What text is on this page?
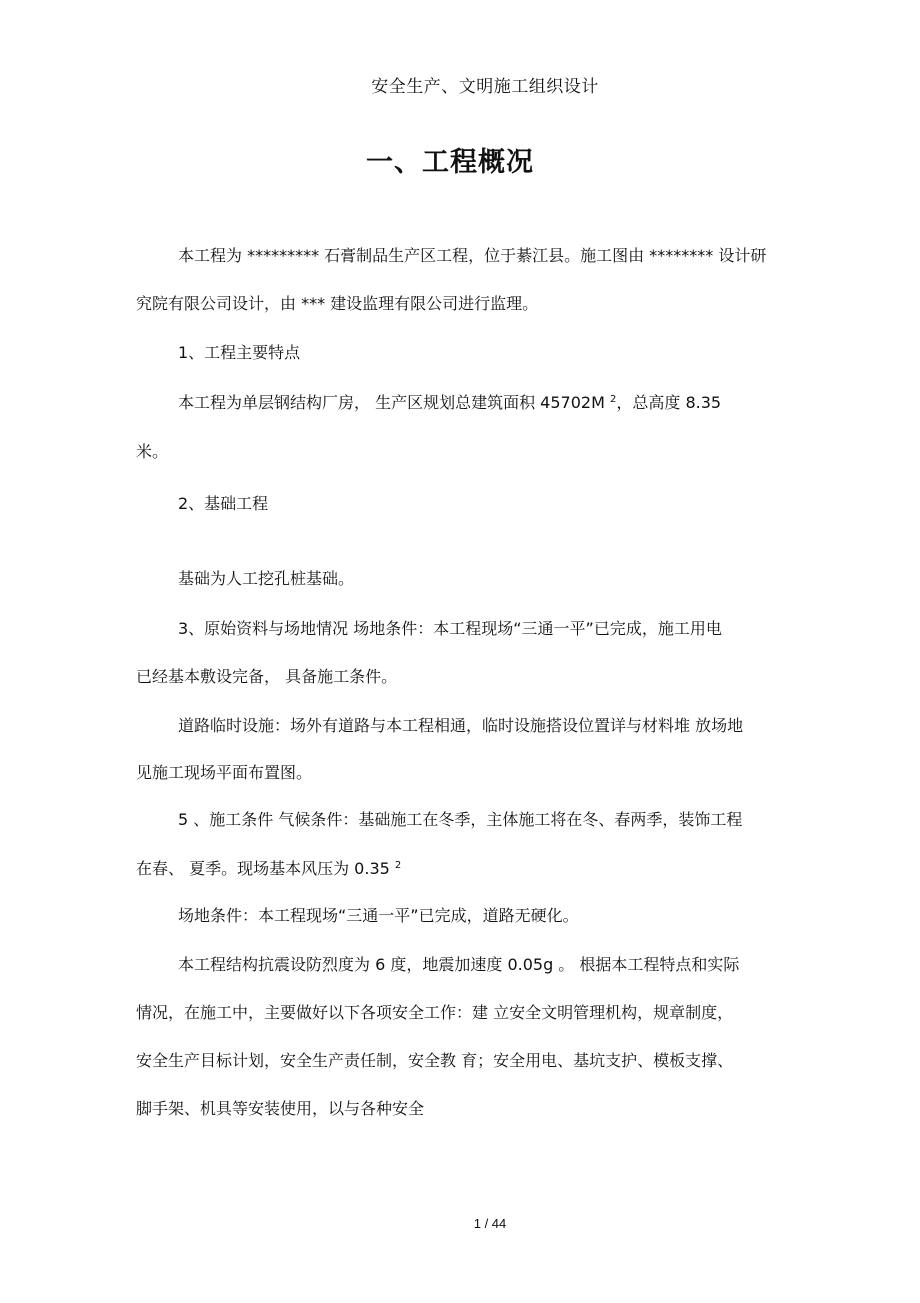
安全生产、文明施工组织设计
一、工程概况
本工程为 ********* 石膏制品生产区工程，位于綦江县。施工图由 ******** 设计研
究院有限公司设计，由 *** 建设监理有限公司进行监理。
1、工程主要特点
本工程为单层钢结构厂房， 生产区规划总建筑面积 45702M $^2$，总高度 8.35
米。
2、基础工程
基础为人工挖孔桩基础。
3、原始资料与场地情况 场地条件：本工程现场“三通一平”已完成，施工用电
已经基本敷设完备， 具备施工条件。
道路临时设施：场外有道路与本工程相通，临时设施搭设位置详与材料堆 放场地
见施工现场平面布置图。
5 、施工条件 气候条件：基础施工在冬季，主体施工将在冬、春两季，装饰工程
在春、 夏季。现场基本风压为 0.35 $^2$
场地条件：本工程现场“三通一平”已完成，道路无硬化。
本工程结构抗震设防烈度为 6 度，地震加速度 0.05g 。 根据本工程特点和实际
情况，在施工中，主要做好以下各项安全工作：建 立安全文明管理机构，规章制度，
安全生产目标计划，安全生产责任制，安全教 育；安全用电、基坑支护、模板支撑、
脚手架、机具等安装使用，以与各种安全
1 / 44
